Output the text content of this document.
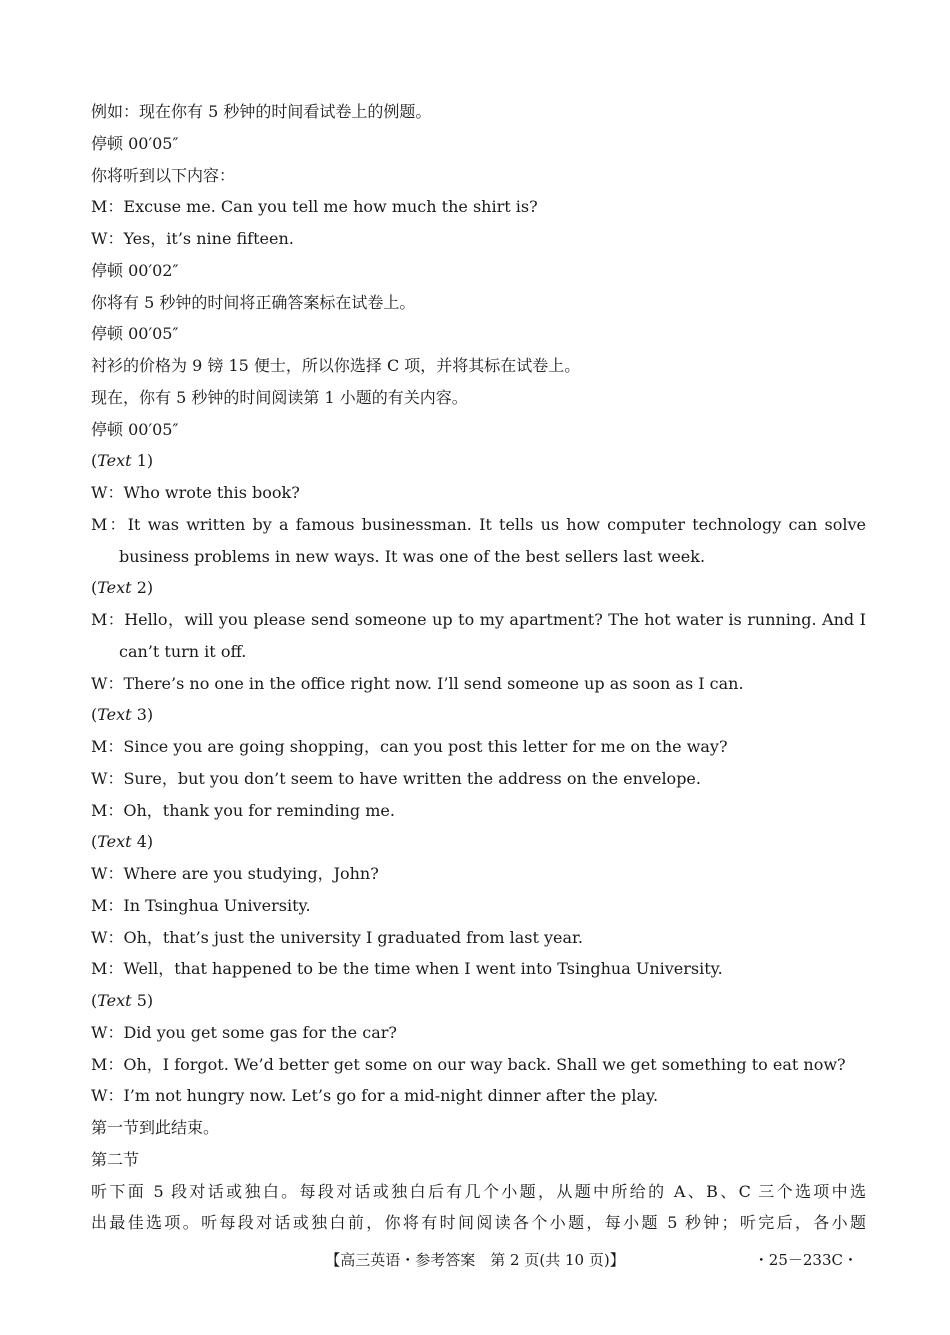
例如：现在你有 5 秒钟的时间看试卷上的例题。
停顿 00′05″
你将听到以下内容：
M：Excuse me. Can you tell me how much the shirt is?
W：Yes，it’s nine fifteen.
停顿 00′02″
你将有 5 秒钟的时间将正确答案标在试卷上。
停顿 00′05″
衬衫的价格为 9 镑 15 便士，所以你选择 C 项，并将其标在试卷上。
现在，你有 5 秒钟的时间阅读第 1 小题的有关内容。
停顿 00′05″
(Text 1)
W：Who wrote this book?
M：It was written by a famous businessman. It tells us how computer technology can solve
business problems in new ways. It was one of the best sellers last week.
(Text 2)
M：Hello，will you please send someone up to my apartment? The hot water is running. And I
can’t turn it off.
W：There’s no one in the office right now. I’ll send someone up as soon as I can.
(Text 3)
M：Since you are going shopping，can you post this letter for me on the way?
W：Sure，but you don’t seem to have written the address on the envelope.
M：Oh，thank you for reminding me.
(Text 4)
W：Where are you studying，John?
M：In Tsinghua University.
W：Oh，that’s just the university I graduated from last year.
M：Well，that happened to be the time when I went into Tsinghua University.
(Text 5)
W：Did you get some gas for the car?
M：Oh，I forgot. We’d better get some on our way back. Shall we get something to eat now?
W：I’m not hungry now. Let’s go for a mid-night dinner after the play.
第一节到此结束。
第二节
听下面 5 段对话或独白。每段对话或独白后有几个小题，从题中所给的 A、B、C 三个选项中选
出最佳选项。听每段对话或独白前，你将有时间阅读各个小题，每小题 5 秒钟；听完后，各小题
【高三英语・参考答案　第 2 页(共 10 页)】	・25－233C・
